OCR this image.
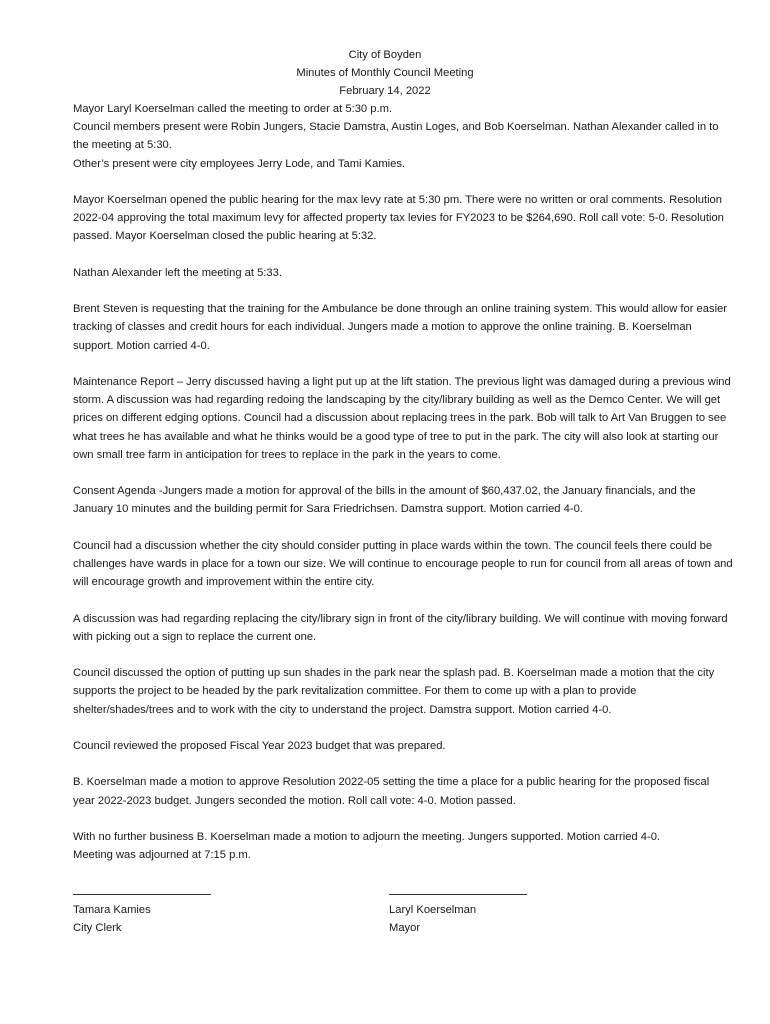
City of Boyden
Minutes of Monthly Council Meeting
February 14, 2022

Mayor Laryl Koerselman called the meeting to order at 5:30 p.m.

Council members present were Robin Jungers, Stacie Damstra, Austin Loges, and Bob Koerselman. Nathan Alexander called in to the meeting at 5:30.

Other’s present were city employees Jerry Lode, and Tami Kamies.

Mayor Koerselman opened the public hearing for the max levy rate at 5:30 pm. There were no written or oral comments. Resolution 2022-04 approving the total maximum levy for affected property tax levies for FY2023 to be $264,690. Roll call vote: 5-0. Resolution passed. Mayor Koerselman closed the public hearing at 5:32.

Nathan Alexander left the meeting at 5:33.

Brent Steven is requesting that the training for the Ambulance be done through an online training system. This would allow for easier tracking of classes and credit hours for each individual. Jungers made a motion to approve the online training. B. Koerselman support. Motion carried 4-0.

Maintenance Report – Jerry discussed having a light put up at the lift station. The previous light was damaged during a previous wind storm. A discussion was had regarding redoing the landscaping by the city/library building as well as the Demco Center. We will get prices on different edging options. Council had a discussion about replacing trees in the park. Bob will talk to Art Van Bruggen to see what trees he has available and what he thinks would be a good type of tree to put in the park. The city will also look at starting our own small tree farm in anticipation for trees to replace in the park in the years to come.

Consent Agenda -Jungers made a motion for approval of the bills in the amount of $60,437.02, the January financials, and the January 10 minutes and the building permit for Sara Friedrichsen. Damstra support. Motion carried 4-0.

Council had a discussion whether the city should consider putting in place wards within the town. The council feels there could be challenges have wards in place for a town our size. We will continue to encourage people to run for council from all areas of town and will encourage growth and improvement within the entire city.

A discussion was had regarding replacing the city/library sign in front of the city/library building. We will continue with moving forward with picking out a sign to replace the current one.

Council discussed the option of putting up sun shades in the park near the splash pad. B. Koerselman made a motion that the city supports the project to be headed by the park revitalization committee. For them to come up with a plan to provide shelter/shades/trees and to work with the city to understand the project. Damstra support. Motion carried 4-0.

Council reviewed the proposed Fiscal Year 2023 budget that was prepared.

B. Koerselman made a motion to approve Resolution 2022-05 setting the time a place for a public hearing for the proposed fiscal year 2022-2023 budget. Jungers seconded the motion. Roll call vote: 4-0. Motion passed.

With no further business B. Koerselman made a motion to adjourn the meeting. Jungers supported. Motion carried 4-0.

Meeting was adjourned at 7:15 p.m.

Tamara Kamies
City Clerk
Laryl Koerselman
Mayor
